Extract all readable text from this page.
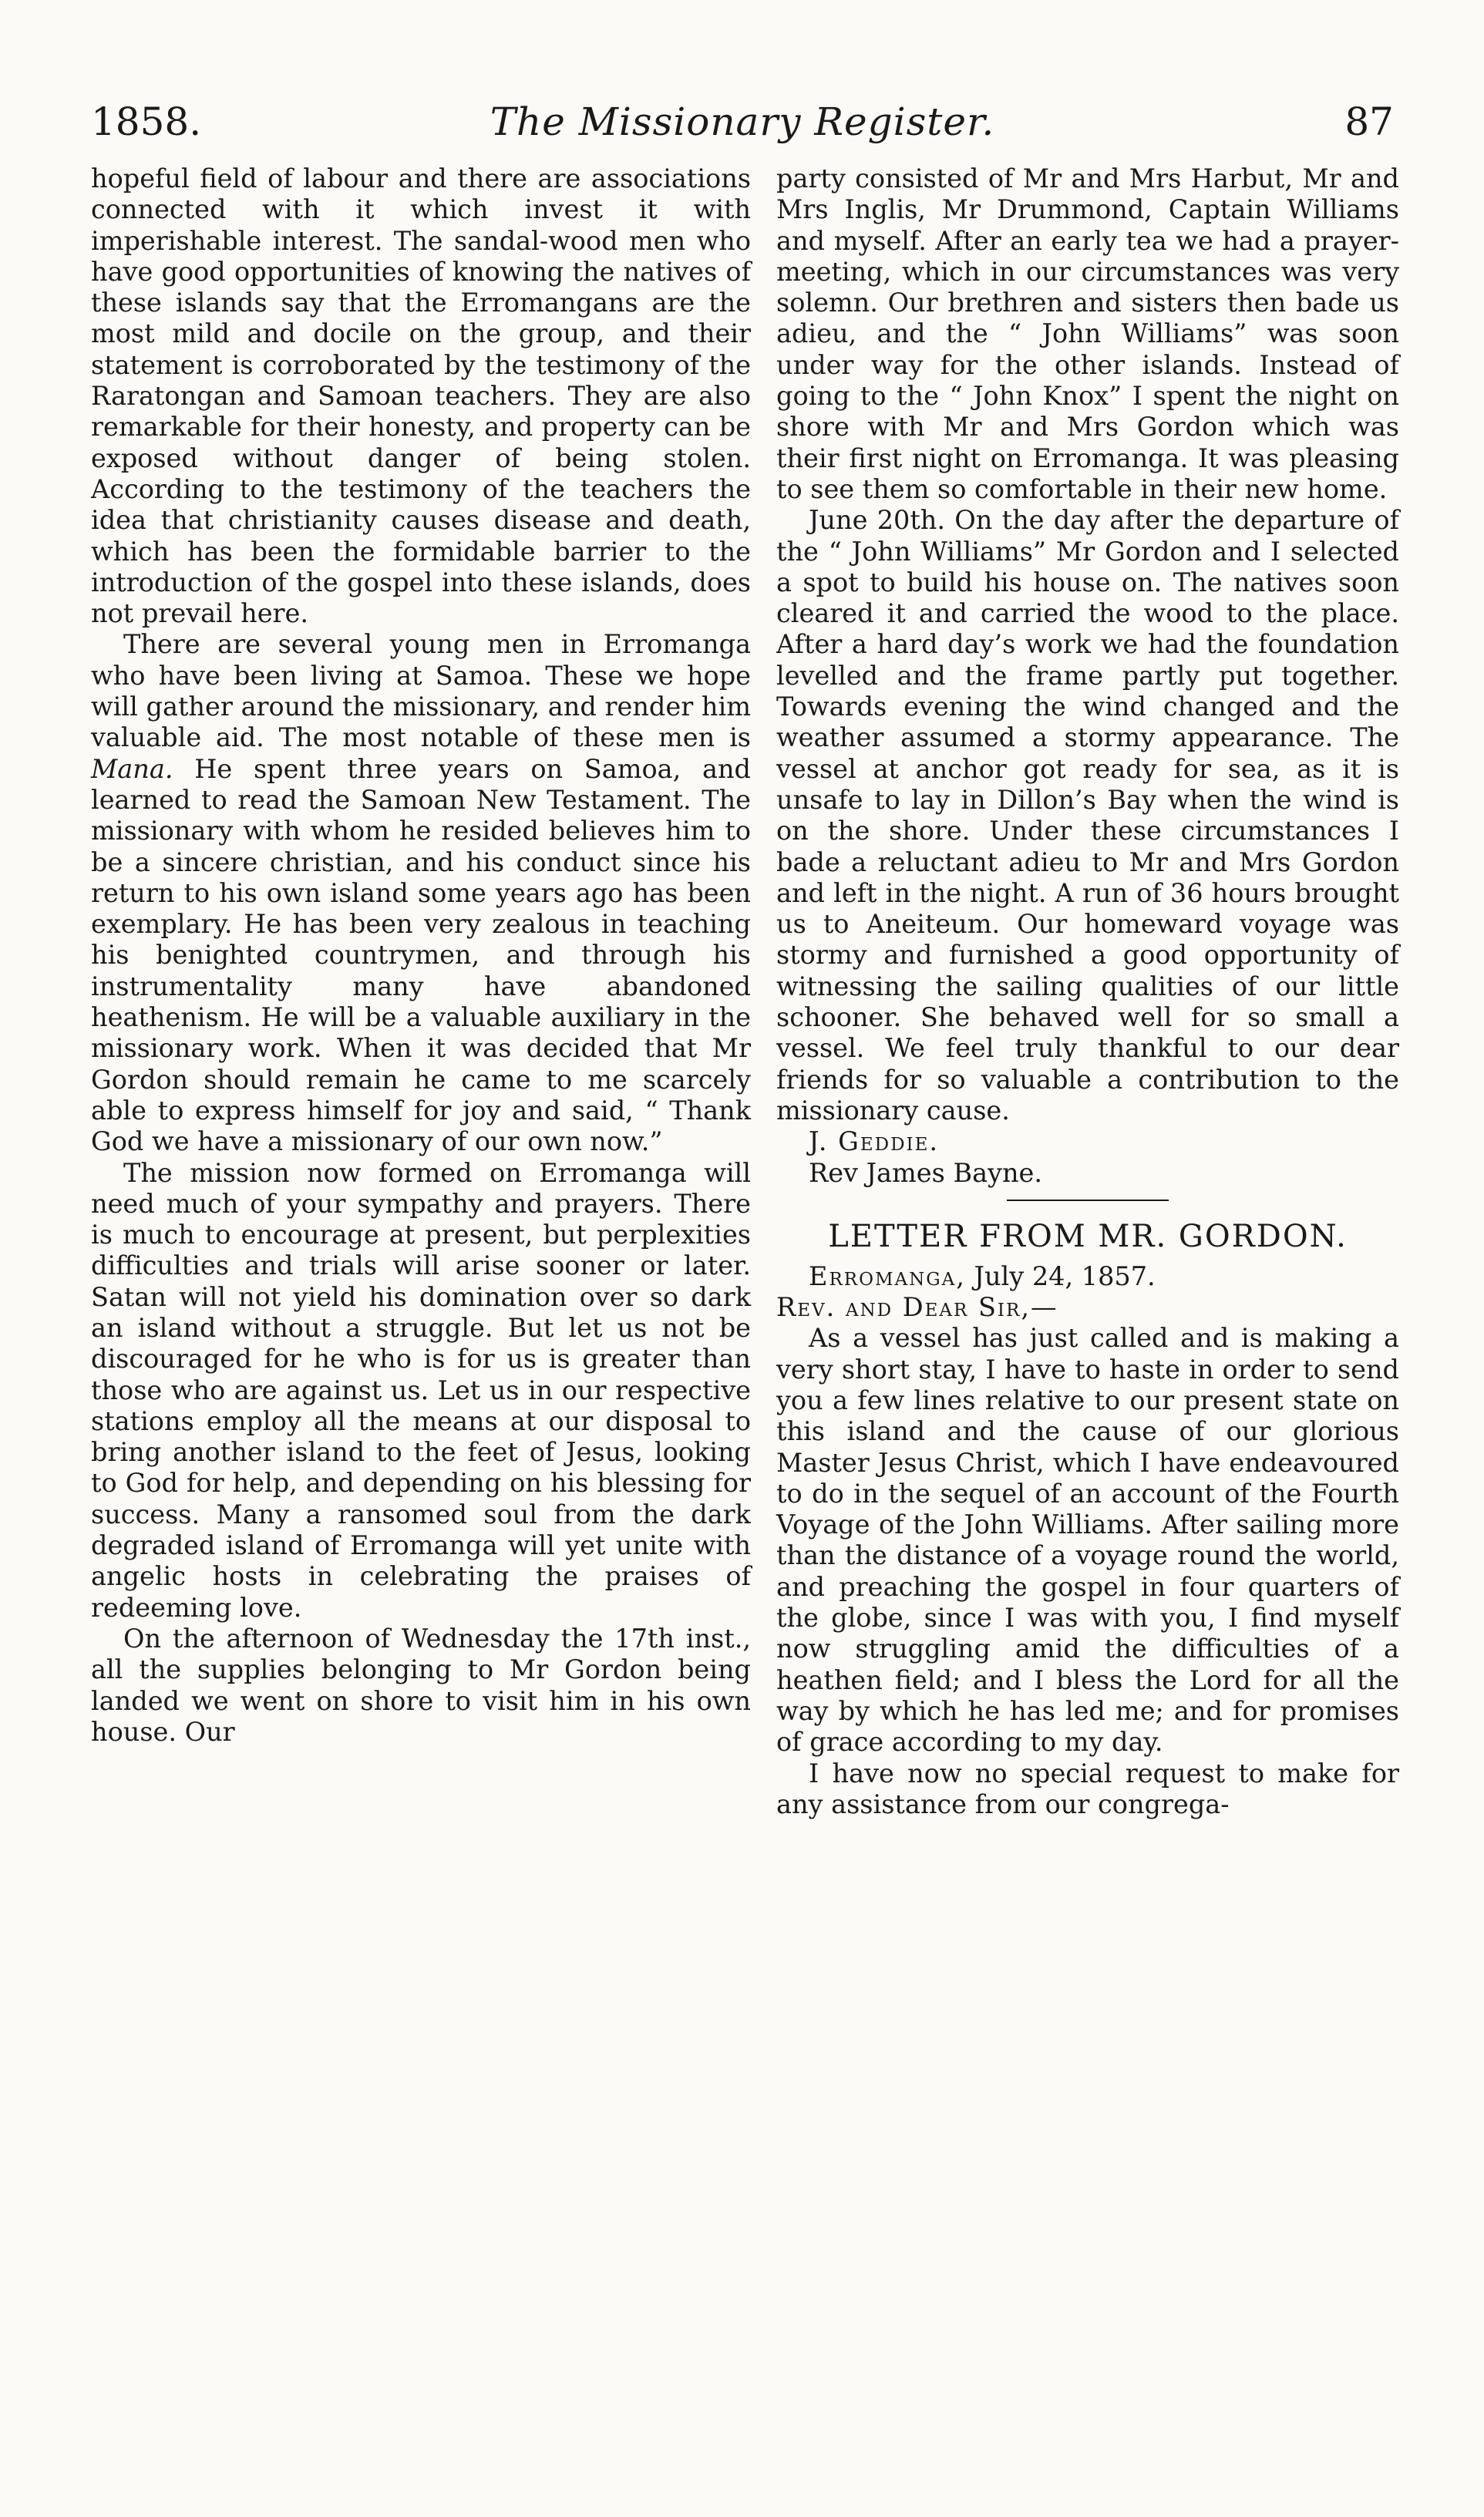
1858.	The Missionary Register.	87

hopeful field of labour and there are associations connected with it which invest it with imperishable interest. The sandal-wood men who have good opportunities of knowing the natives of these islands say that the Erromangans are the most mild and docile on the group, and their statement is corroborated by the testimony of the Raratongan and Samoan teachers. They are also remarkable for their honesty, and property can be exposed without danger of being stolen. According to the testimony of the teachers the idea that christianity causes disease and death, which has been the formidable barrier to the introduction of the gospel into these islands, does not prevail here.

There are several young men in Erromanga who have been living at Samoa. These we hope will gather around the missionary, and render him valuable aid. The most notable of these men is Mana. He spent three years on Samoa, and learned to read the Samoan New Testament. The missionary with whom he resided believes him to be a sincere christian, and his conduct since his return to his own island some years ago has been exemplary. He has been very zealous in teaching his benighted countrymen, and through his instrumentality many have abandoned heathenism. He will be a valuable auxiliary in the missionary work. When it was decided that Mr Gordon should remain he came to me scarcely able to express himself for joy and said, “ Thank God we have a missionary of our own now.”

The mission now formed on Erromanga will need much of your sympathy and prayers. There is much to encourage at present, but perplexities difficulties and trials will arise sooner or later. Satan will not yield his domination over so dark an island without a struggle. But let us not be discouraged for he who is for us is greater than those who are against us. Let us in our respective stations employ all the means at our disposal to bring another island to the feet of Jesus, looking to God for help, and depending on his blessing for success. Many a ransomed soul from the dark degraded island of Erromanga will yet unite with angelic hosts in celebrating the praises of redeeming love.

On the afternoon of Wednesday the 17th inst., all the supplies belonging to Mr Gordon being landed we went on shore to visit him in his own house. Our

party consisted of Mr and Mrs Harbut, Mr and Mrs Inglis, Mr Drummond, Captain Williams and myself. After an early tea we had a prayer-meeting, which in our circumstances was very solemn. Our brethren and sisters then bade us adieu, and the “ John Williams” was soon under way for the other islands. Instead of going to the “ John Knox” I spent the night on shore with Mr and Mrs Gordon which was their first night on Erromanga. It was pleasing to see them so comfortable in their new home.

June 20th. On the day after the departure of the “ John Williams” Mr Gordon and I selected a spot to build his house on. The natives soon cleared it and carried the wood to the place. After a hard day’s work we had the foundation levelled and the frame partly put together. Towards evening the wind changed and the weather assumed a stormy appearance. The vessel at anchor got ready for sea, as it is unsafe to lay in Dillon’s Bay when the wind is on the shore. Under these circumstances I bade a reluctant adieu to Mr and Mrs Gordon and left in the night. A run of 36 hours brought us to Aneiteum. Our homeward voyage was stormy and furnished a good opportunity of witnessing the sailing qualities of our little schooner. She behaved well for so small a vessel. We feel truly thankful to our dear friends for so valuable a contribution to the missionary cause.

J. Geddie.

Rev James Bayne.

LETTER FROM MR. GORDON.

Erromanga, July 24, 1857.

Rev. and Dear Sir,—

As a vessel has just called and is making a very short stay, I have to haste in order to send you a few lines relative to our present state on this island and the cause of our glorious Master Jesus Christ, which I have endeavoured to do in the sequel of an account of the Fourth Voyage of the John Williams. After sailing more than the distance of a voyage round the world, and preaching the gospel in four quarters of the globe, since I was with you, I find myself now struggling amid the difficulties of a heathen field; and I bless the Lord for all the way by which he has led me; and for promises of grace according to my day.

I have now no special request to make for any assistance from our congrega-
